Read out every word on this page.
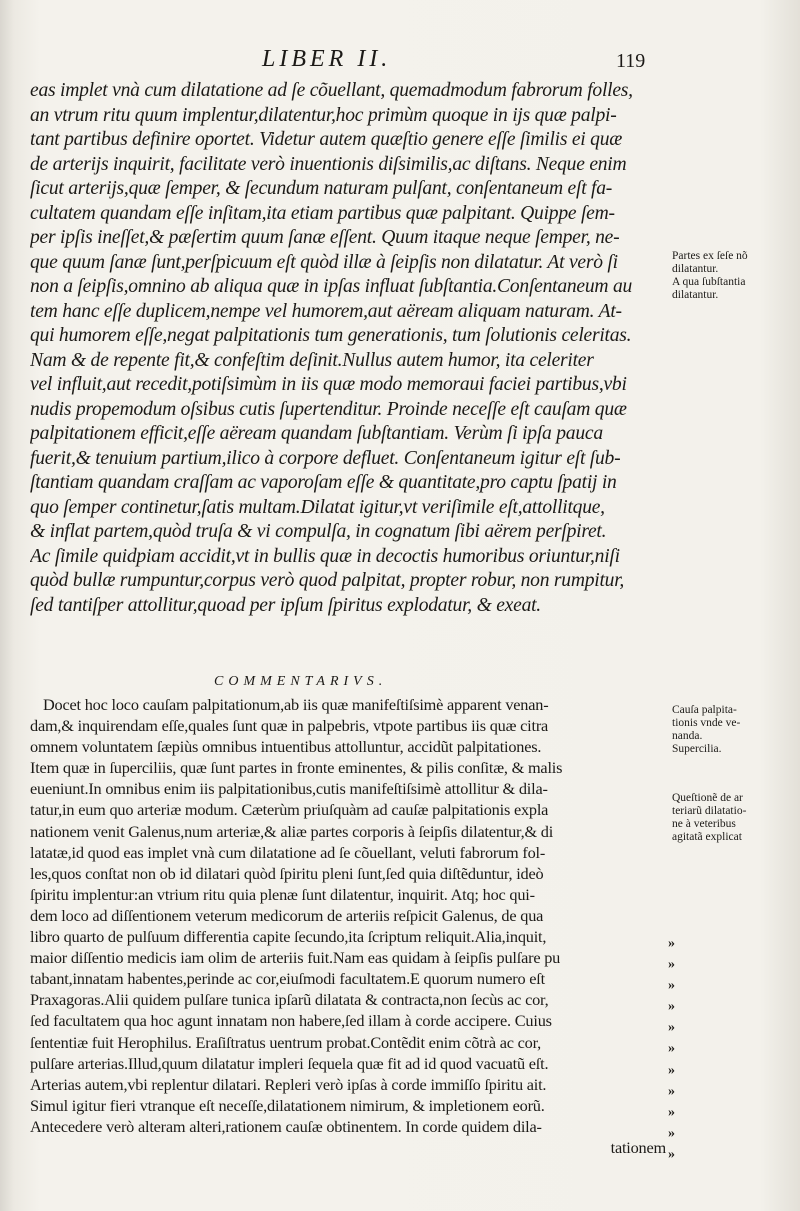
LIBER II.	119
eas implet vnà cum dilatatione ad ſe cõuellant, quemadmodum fabrorum folles,
an vtrum ritu quum implentur,dilatentur,hoc primùm quoque in ijs quæ palpi-
tant partibus definire oportet. Videtur autem quæſtio genere eſſe ſimilis ei quæ
de arterijs inquirit, facilitate verò inuentionis diſsimilis,ac diſtans. Neque enim
ſicut arterijs,quæ ſemper, & ſecundum naturam pulſant, conſentaneum eſt fa-
cultatem quandam eſſe inſitam,ita etiam partibus quæ palpitant. Quippe ſem-
per ipſis ineſſet,& pæſertim quum ſanæ eſſent. Quum itaque neque ſemper, ne-
que quum ſanæ ſunt,perſpicuum eſt quòd illæ à ſeipſis non dilatatur. At verò ſi
non a ſeipſis,omnino ab aliqua quæ in ipſas influat ſubſtantia.Conſentaneum au
tem hanc eſſe duplicem,nempe vel humorem,aut aëream aliquam naturam. At-
qui humorem eſſe,negat palpitationis tum generationis, tum ſolutionis celeritas.
Nam & de repente fit,& confeſtim deſinit.Nullus autem humor, ita celeriter
vel influit,aut recedit,potiſsimùm in iis quæ modo memoraui faciei partibus,vbi
nudis propemodum oſsibus cutis ſupertenditur. Proinde neceſſe eſt cauſam quæ
palpitationem efficit,eſſe aëream quandam ſubſtantiam. Verùm ſi ipſa pauca
fuerit,& tenuium partium,ilico à corpore defluet. Conſentaneum igitur eſt ſub-
ſtantiam quandam craſſam ac vaporoſam eſſe & quantitate,pro captu ſpatij in
quo ſemper continetur,ſatis multam.Dilatat igitur,vt veriſimile eſt,attollitque,
& inflat partem,quòd truſa & vi compulſa, in cognatum ſibi aërem perſpiret.
Ac ſimile quidpiam accidit,vt in bullis quæ in decoctis humoribus oriuntur,niſi
quòd bullæ rumpuntur,corpus verò quod palpitat, propter robur, non rumpitur,
ſed tantiſper attollitur,quoad per ipſum ſpiritus explodatur, & exeat.
COMMENTARIVS.
Docet hoc loco cauſam palpitationum,ab iis quæ manifeſtiſsimè apparent venan-
dam,& inquirendam eſſe,quales ſunt quæ in palpebris, vtpote partibus iis quæ citra
omnem voluntatem ſæpiùs omnibus intuentibus attolluntur, accidũt palpitationes.
Item quæ in ſuperciliis, quæ ſunt partes in fronte eminentes, & pilis conſitæ, & malis
eueniunt.In omnibus enim iis palpitationibus,cutis manifeſtiſsimè attollitur & dila-
tatur,in eum quo arteriæ modum. Cæterùm priuſquàm ad cauſæ palpitationis expla
nationem venit Galenus,num arteriæ,& aliæ partes corporis à ſeipſis dilatentur,& di
latatæ,id quod eas implet vnà cum dilatatione ad ſe cõuellant, veluti fabrorum fol-
les,quos conſtat non ob id dilatari quòd ſpiritu pleni ſunt,ſed quia diſtẽduntur, ideò
ſpiritu implentur:an vtrium ritu quia plenæ ſunt dilatentur, inquirit. Atq; hoc qui-
dem loco ad diſſentionem veterum medicorum de arteriis reſpicit Galenus, de qua
libro quarto de pulſuum differentia capite ſecundo,ita ſcriptum reliquit.Alia,inquit,
maior diſſentio medicis iam olim de arteriis fuit.Nam eas quidam à ſeipſis pulſare pu
tabant,innatam habentes,perinde ac cor,eiuſmodi facultatem.E quorum numero eſt
Praxagoras.Alii quidem pulſare tunica ipſarũ dilatata & contracta,non ſecùs ac cor,
ſed facultatem qua hoc agunt innatam non habere,ſed illam à corde accipere. Cuius
ſententiæ fuit Herophilus. Eraſiſtratus uentrum probat.Contẽdit enim cõtrà ac cor,
pulſare arterias.Illud,quum dilatatur impleri ſequela quæ fit ad id quod vacuatũ eſt.
Arterias autem,vbi replentur dilatari. Repleri verò ipſas à corde immiſſo ſpiritu ait.
Simul igitur fieri vtranque eſt neceſſe,dilatationem nimirum, & impletionem eorũ.
Antecedere verò alteram alteri,rationem cauſæ obtinentem. In corde quidem dila-
tationem
»
»
»
»
»
»
»
»
»
»
»
Partes ex ſeſe nõ
dilatantur.
A qua ſubſtantia
dilatantur.
Cauſa palpita-
tionis vnde ve-
nanda.
Supercilia.
Queſtionẽ de ar
teriarũ dilatatio-
ne à veteribus
agitatã explicat
